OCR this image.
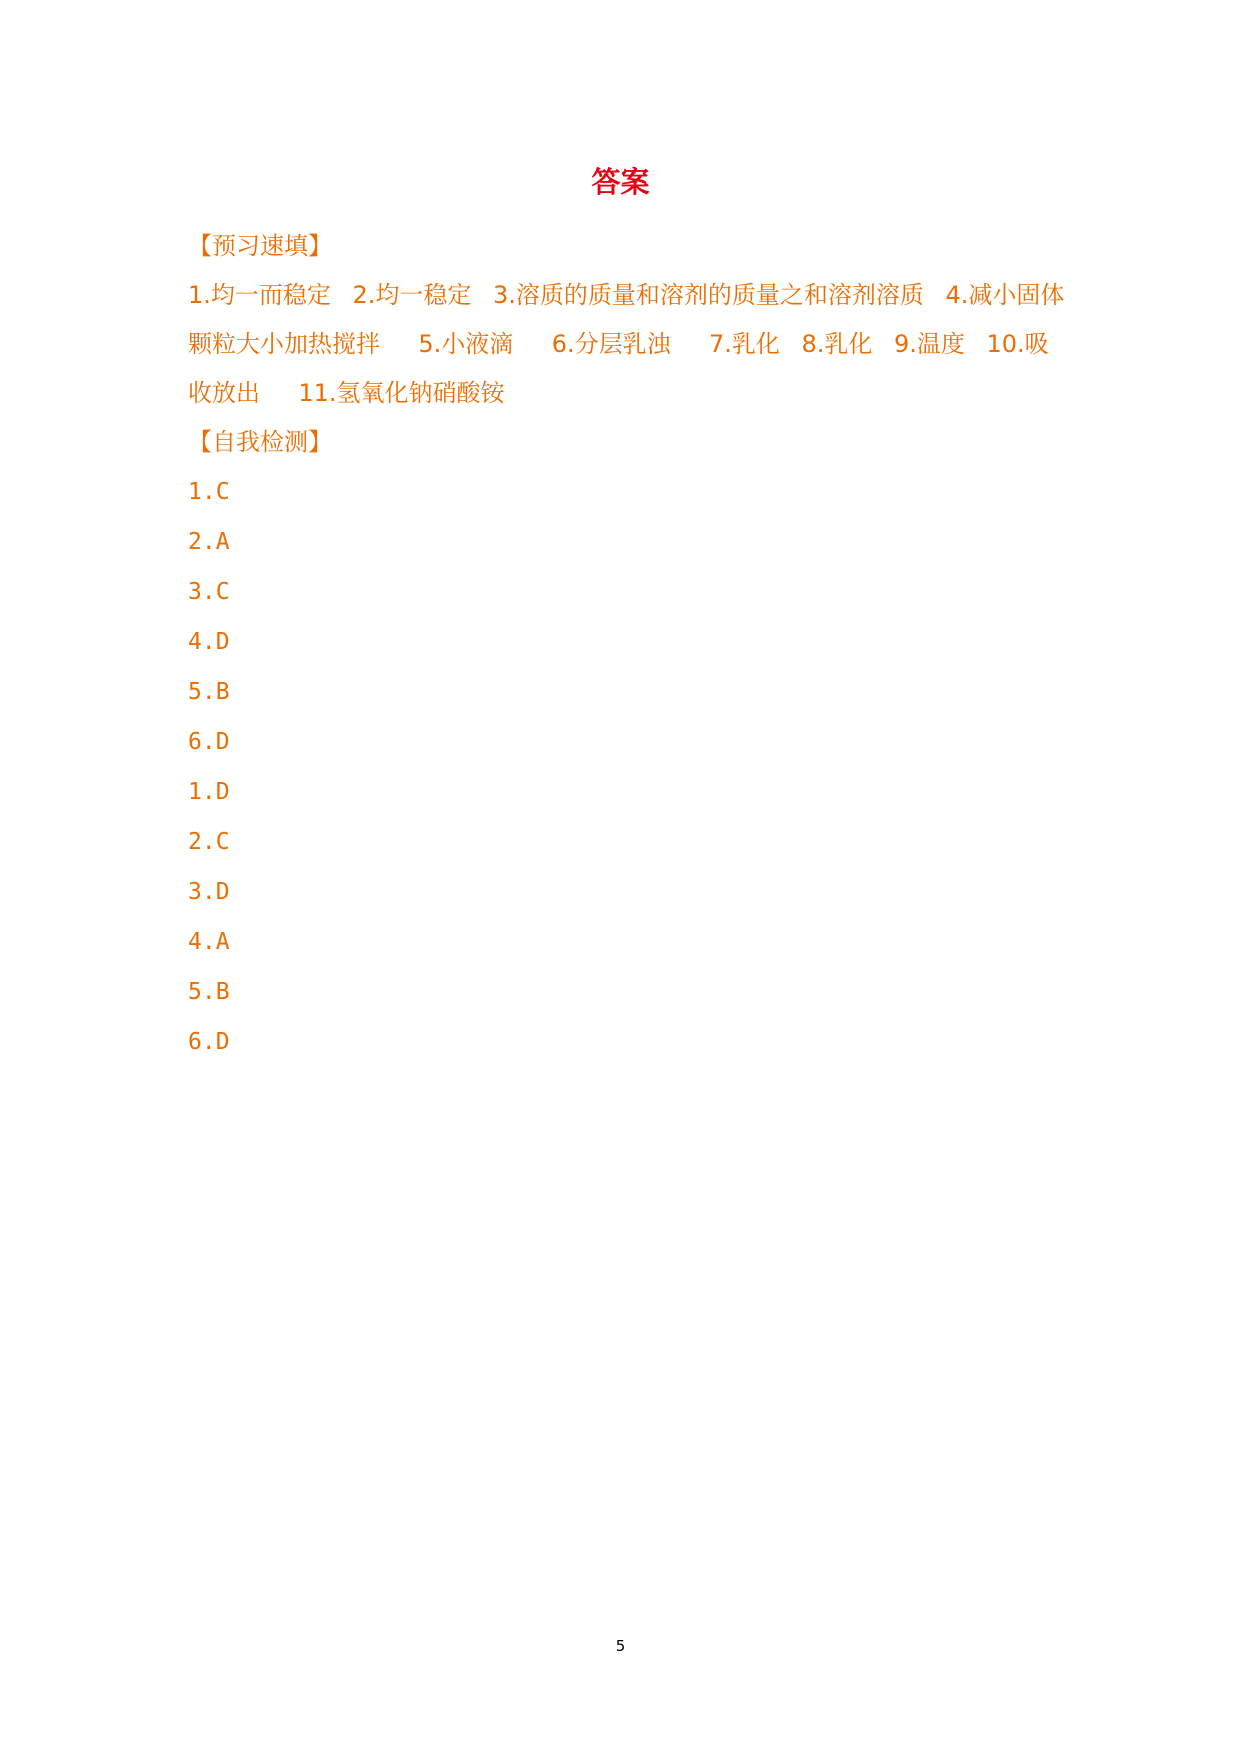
答案
【预习速填】
1.均一而稳定 2.均一稳定 3.溶质的质量和溶剂的质量之和溶剂溶质 4.减小固体颗粒大小加热搅拌 5.小液滴 6.分层乳浊 7.乳化 8.乳化 9.温度 10.吸收放出 11.氢氧化钠硝酸铵
【自我检测】
1.C
2.A
3.C
4.D
5.B
6.D
1.D
2.C
3.D
4.A
5.B
6.D
5
